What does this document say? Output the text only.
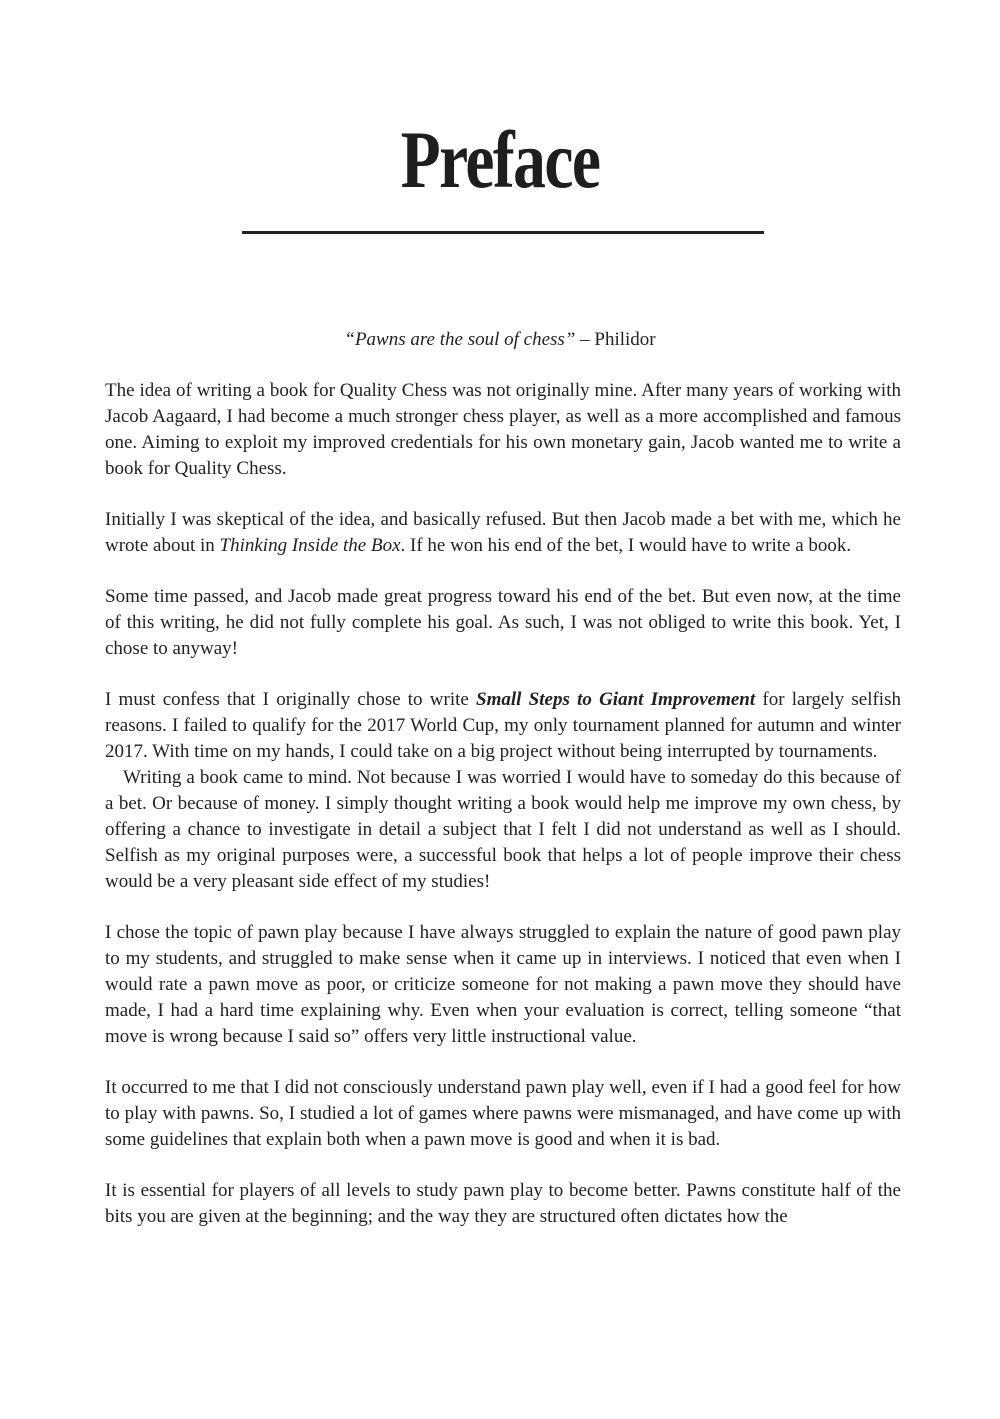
Preface
“Pawns are the soul of chess” – Philidor

The idea of writing a book for Quality Chess was not originally mine. After many years of working with Jacob Aagaard, I had become a much stronger chess player, as well as a more accomplished and famous one. Aiming to exploit my improved credentials for his own monetary gain, Jacob wanted me to write a book for Quality Chess.

Initially I was skeptical of the idea, and basically refused. But then Jacob made a bet with me, which he wrote about in Thinking Inside the Box. If he won his end of the bet, I would have to write a book.

Some time passed, and Jacob made great progress toward his end of the bet. But even now, at the time of this writing, he did not fully complete his goal. As such, I was not obliged to write this book. Yet, I chose to anyway!

I must confess that I originally chose to write Small Steps to Giant Improvement for largely selfish reasons. I failed to qualify for the 2017 World Cup, my only tournament planned for autumn and winter 2017. With time on my hands, I could take on a big project without being interrupted by tournaments.

Writing a book came to mind. Not because I was worried I would have to someday do this because of a bet. Or because of money. I simply thought writing a book would help me improve my own chess, by offering a chance to investigate in detail a subject that I felt I did not understand as well as I should. Selfish as my original purposes were, a successful book that helps a lot of people improve their chess would be a very pleasant side effect of my studies!

I chose the topic of pawn play because I have always struggled to explain the nature of good pawn play to my students, and struggled to make sense when it came up in interviews. I noticed that even when I would rate a pawn move as poor, or criticize someone for not making a pawn move they should have made, I had a hard time explaining why. Even when your evaluation is correct, telling someone “that move is wrong because I said so” offers very little instructional value.

It occurred to me that I did not consciously understand pawn play well, even if I had a good feel for how to play with pawns. So, I studied a lot of games where pawns were mismanaged, and have come up with some guidelines that explain both when a pawn move is good and when it is bad.

It is essential for players of all levels to study pawn play to become better. Pawns constitute half of the bits you are given at the beginning; and the way they are structured often dictates how the
